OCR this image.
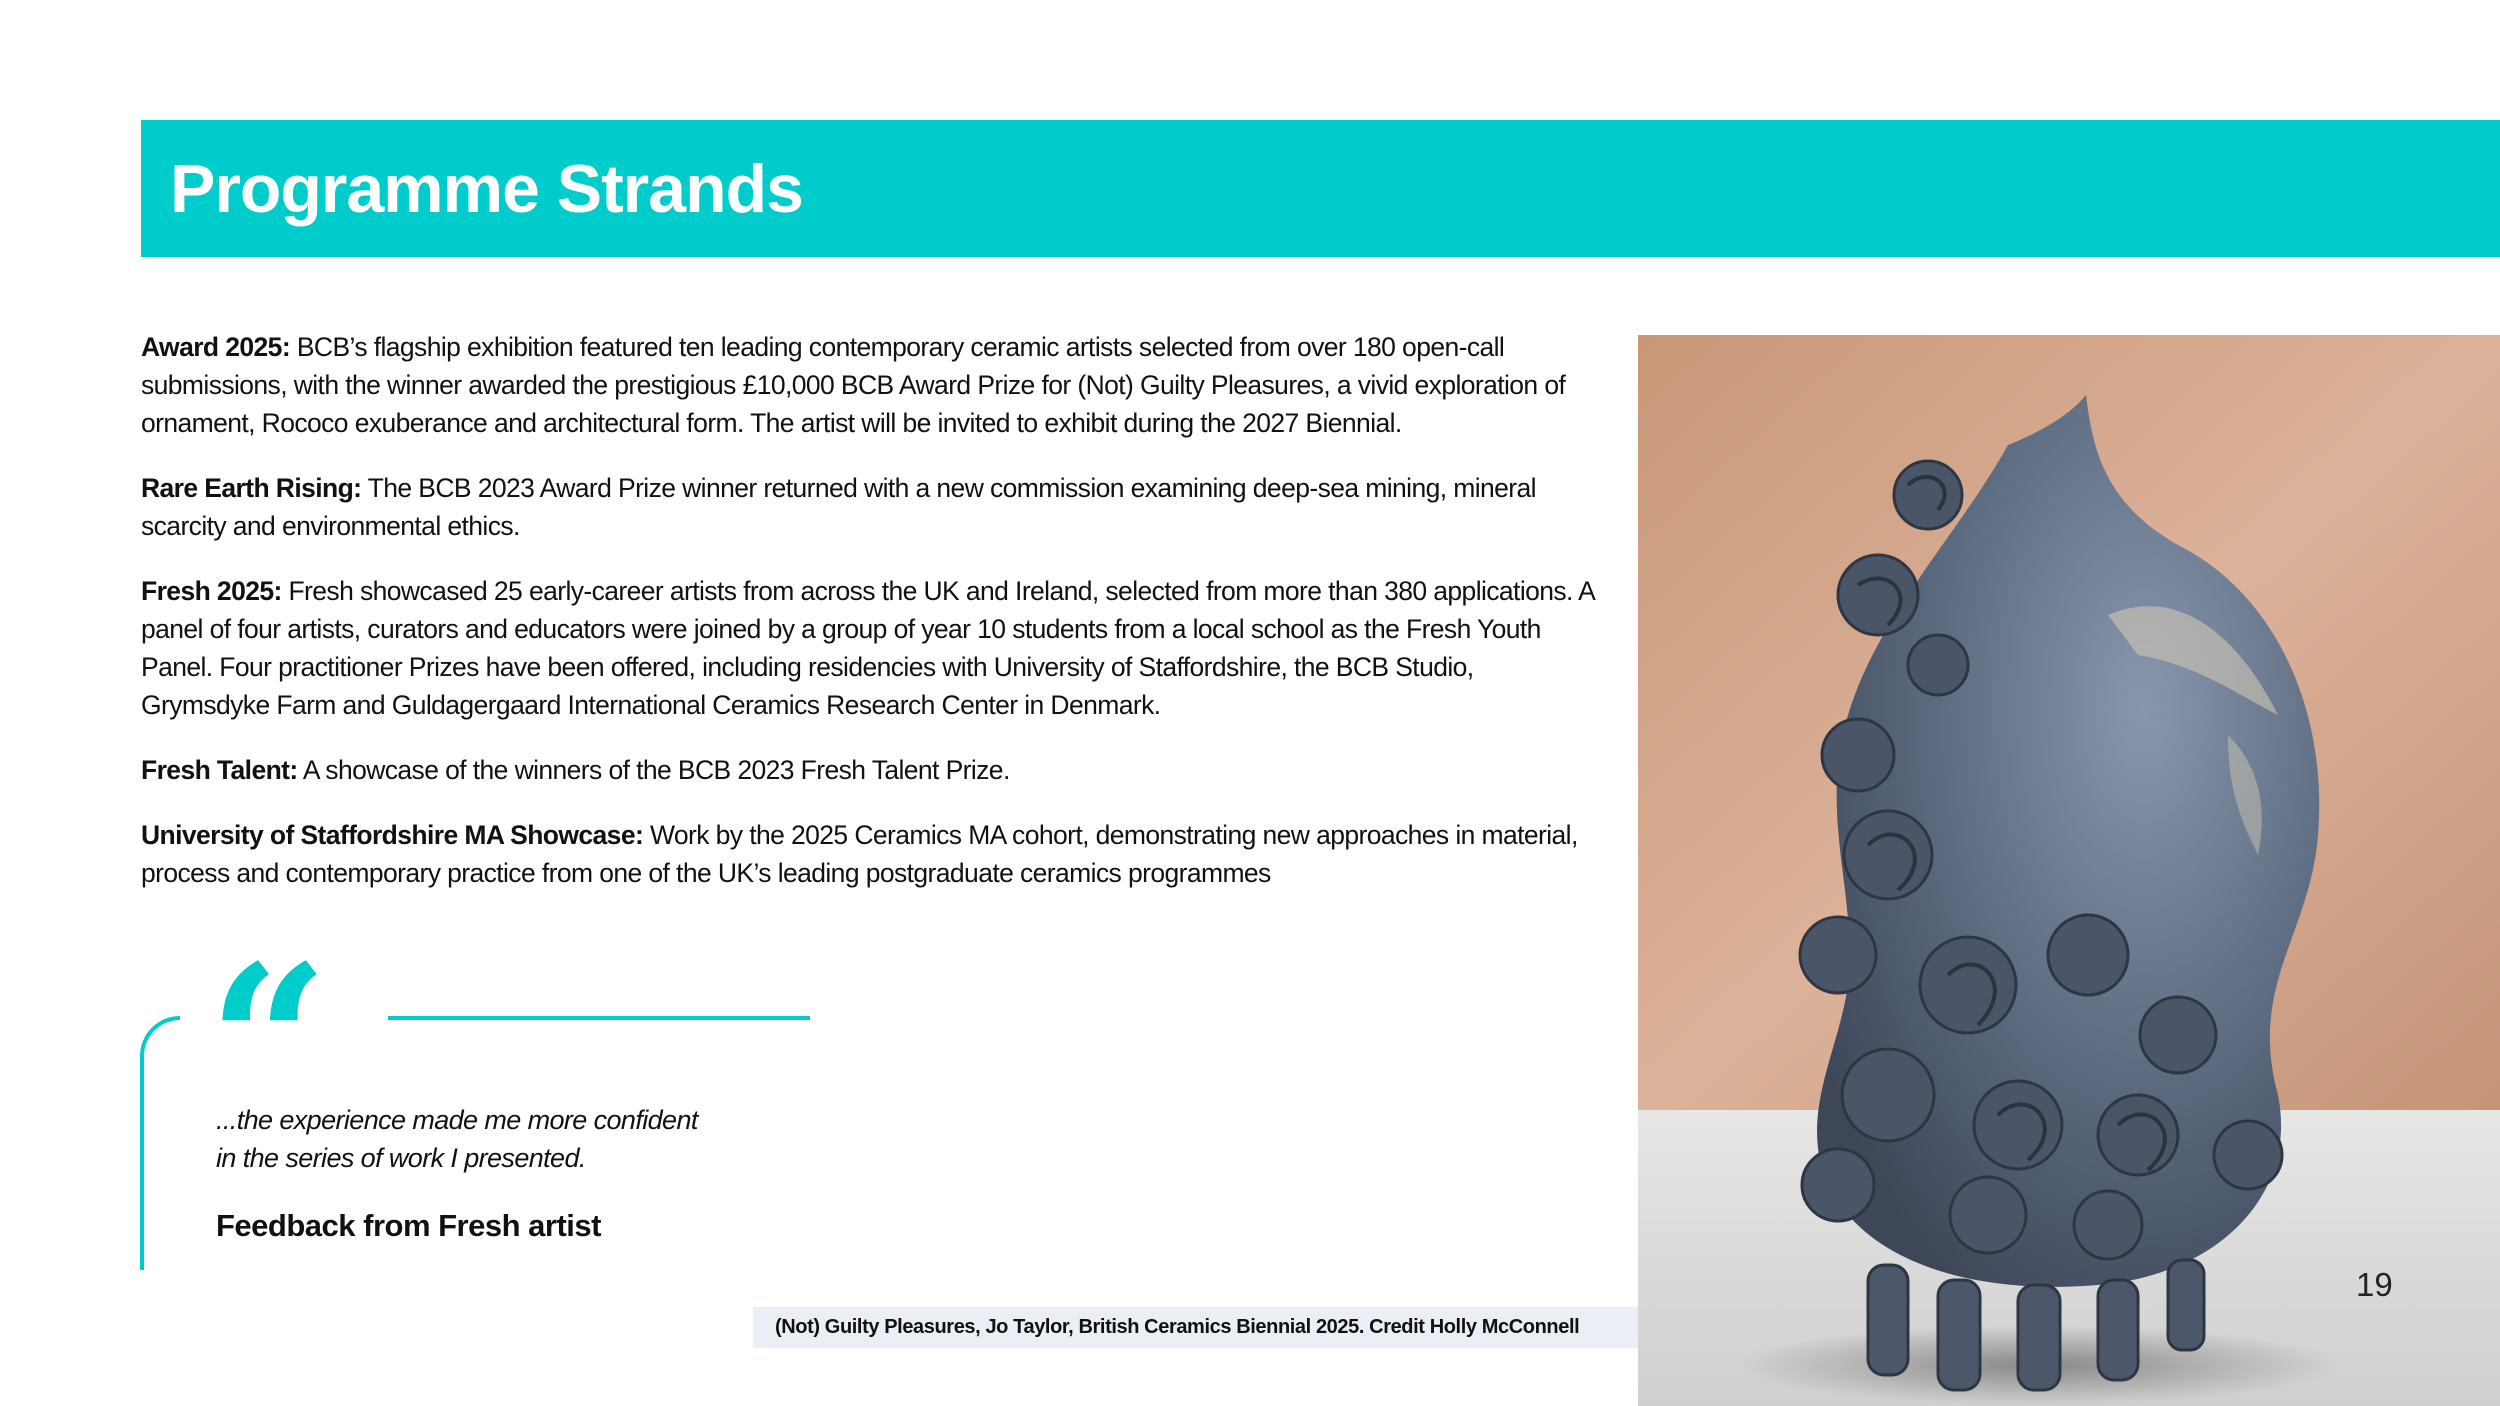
Programme Strands

Award 2025: BCB’s flagship exhibition featured ten leading contemporary ceramic artists selected from over 180 open-call submissions, with the winner awarded the prestigious £10,000 BCB Award Prize for (Not) Guilty Pleasures, a vivid exploration of ornament, Rococo exuberance and architectural form. The artist will be invited to exhibit during the 2027 Biennial.

Rare Earth Rising: The BCB 2023 Award Prize winner returned with a new commission examining deep-sea mining, mineral scarcity and environmental ethics.

Fresh 2025: Fresh showcased 25 early-career artists from across the UK and Ireland, selected from more than 380 applications. A panel of four artists, curators and educators were joined by a group of year 10 students from a local school as the Fresh Youth Panel. Four practitioner Prizes have been offered, including residencies with University of Staffordshire, the BCB Studio, Grymsdyke Farm and Guldagergaard International Ceramics Research Center in Denmark.

Fresh Talent: A showcase of the winners of the BCB 2023 Fresh Talent Prize.

University of Staffordshire MA Showcase: Work by the 2025 Ceramics MA cohort, demonstrating new approaches in material, process and contemporary practice from one of the UK’s leading postgraduate ceramics programmes

“
...the experience made me more confident
in the series of work I presented.
Feedback from Fresh artist
(Not) Guilty Pleasures, Jo Taylor, British Ceramics Biennial 2025. Credit Holly McConnell
19
